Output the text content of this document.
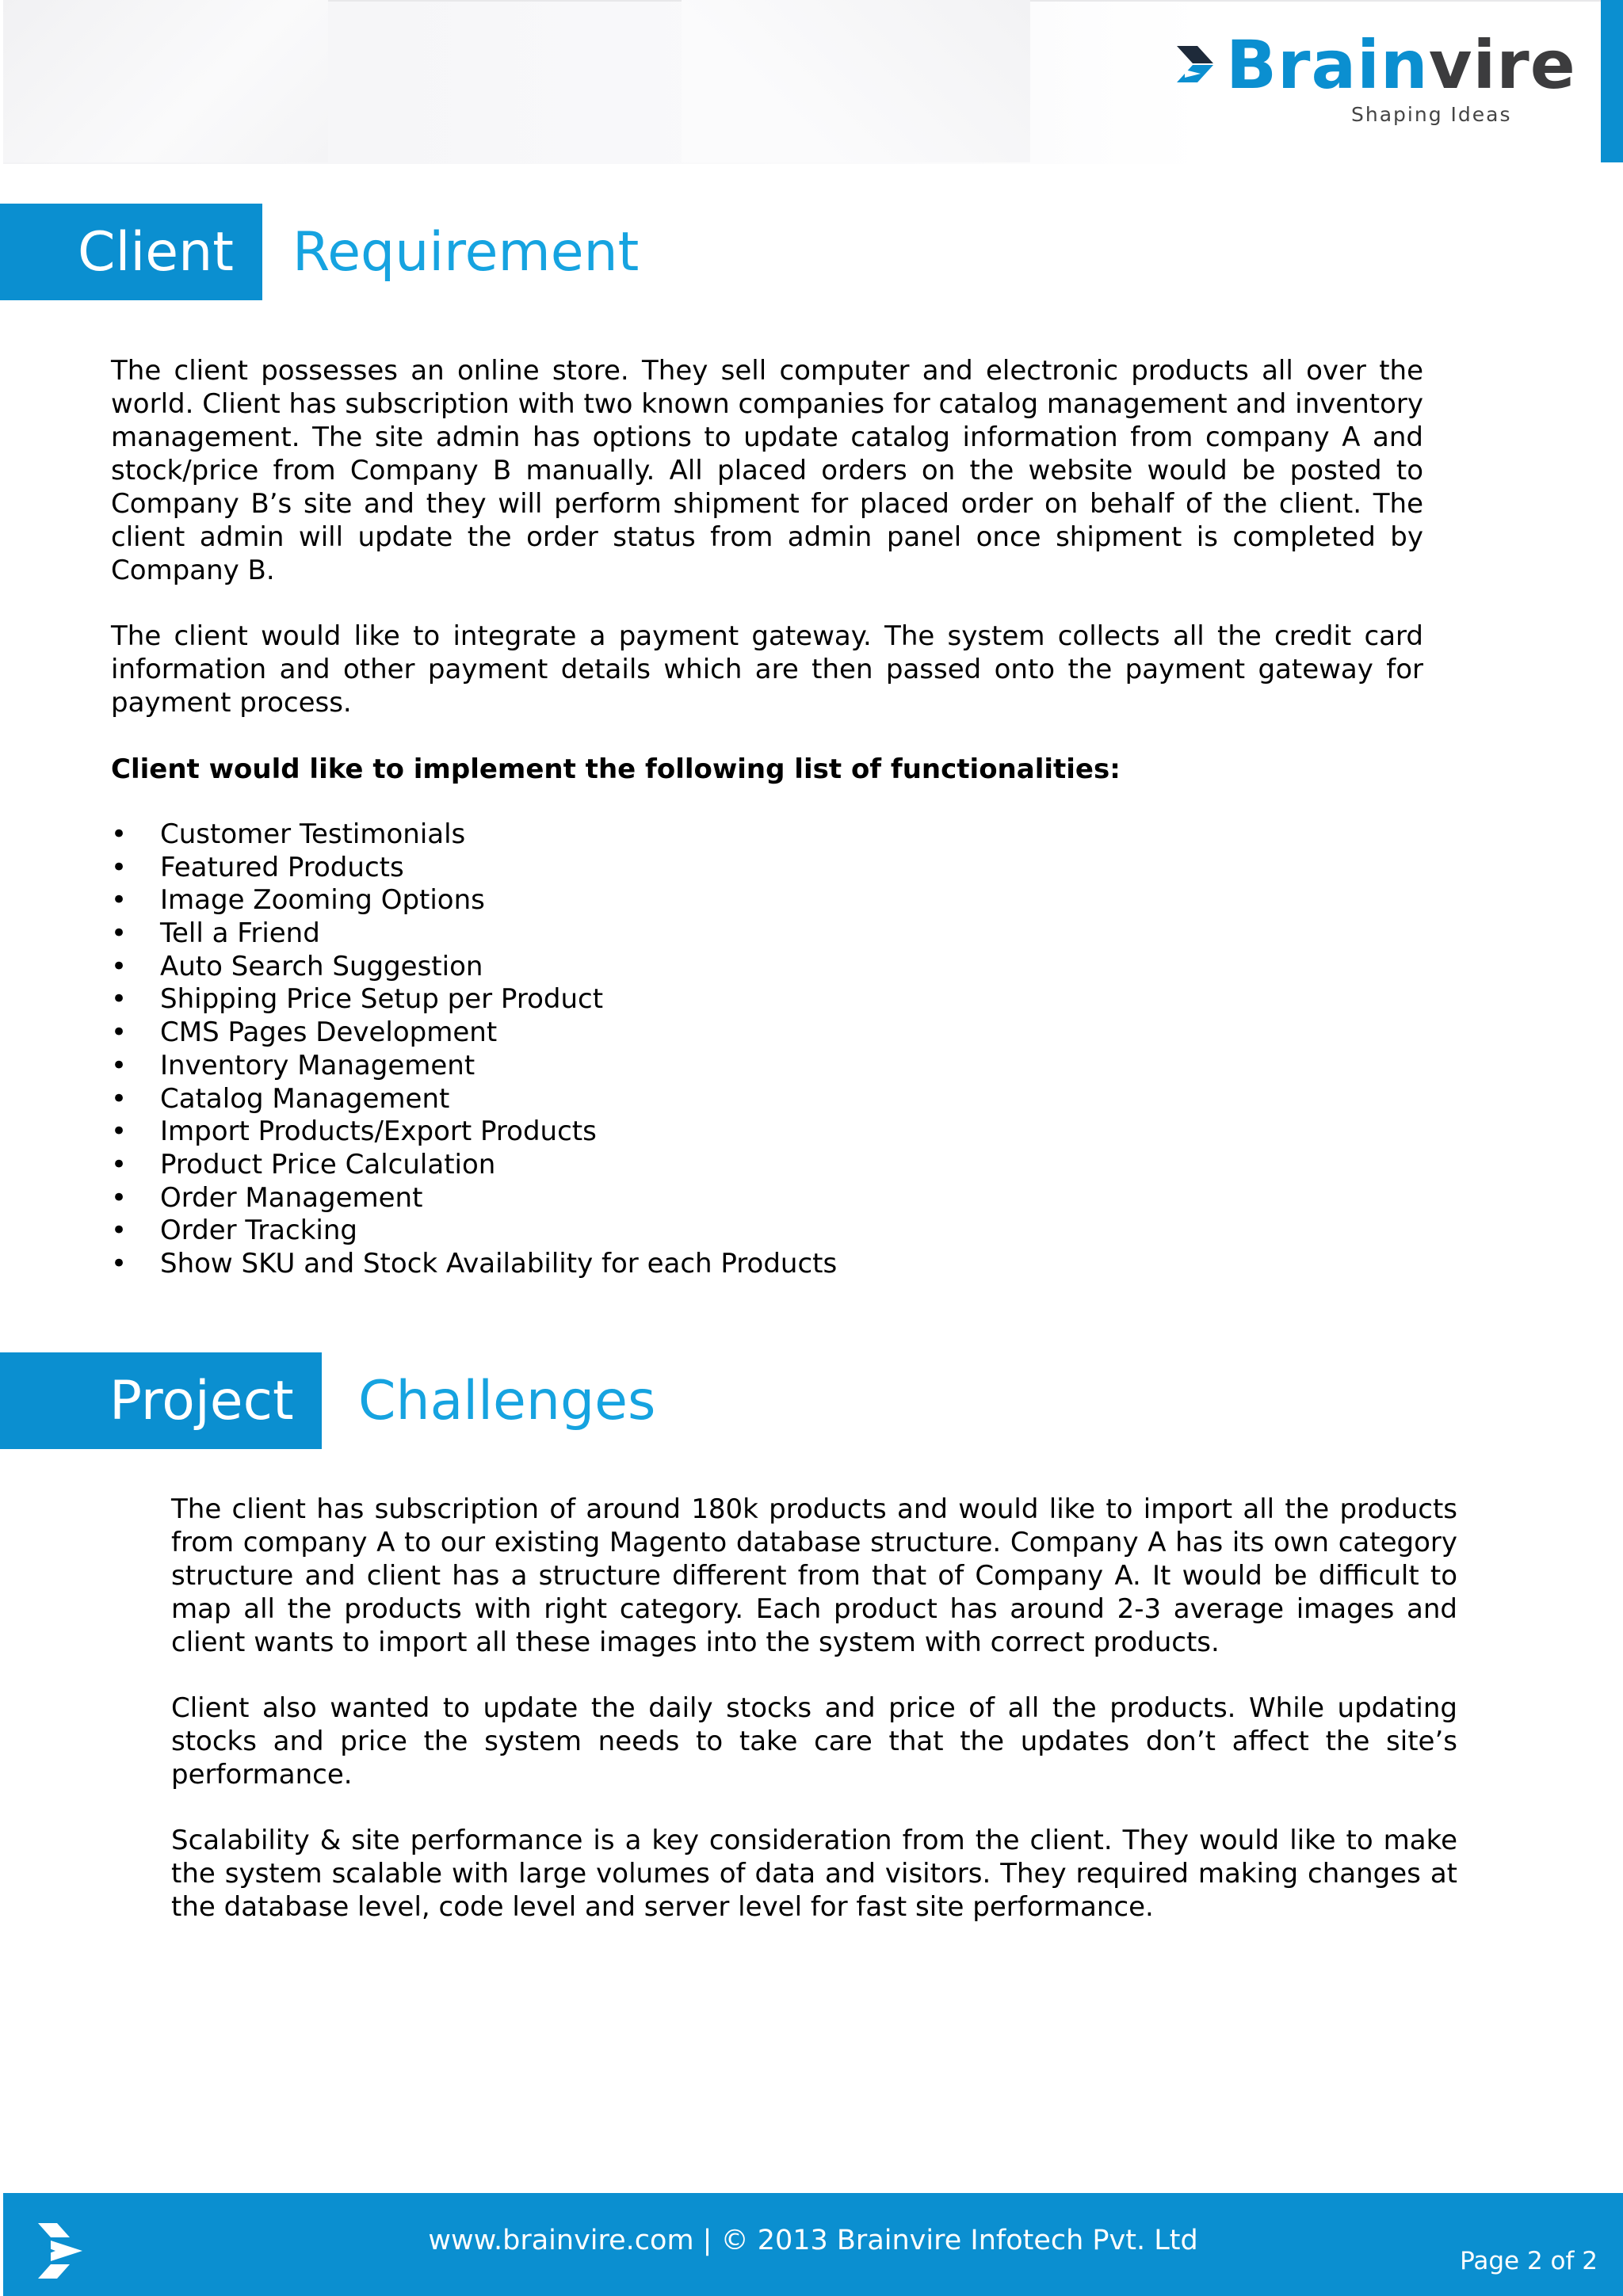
Brainvire
Shaping Ideas
Client Requirement
The client possesses an online store. They sell computer and electronic products all over the world. Client has subscription with two known companies for catalog management and inventory management. The site admin has options to update catalog information from company A and stock/price from Company B manually. All placed orders on the website would be posted to Company B’s site and they will perform shipment for placed order on behalf of the client. The client admin will update the order status from admin panel once shipment is completed by Company B.
The client would like to integrate a payment gateway. The system collects all the credit card information and other payment details which are then passed onto the payment gateway for payment process.
Client would like to implement the following list of functionalities:
• Customer Testimonials
• Featured Products
• Image Zooming Options
• Tell a Friend
• Auto Search Suggestion
• Shipping Price Setup per Product
• CMS Pages Development
• Inventory Management
• Catalog Management
• Import Products/Export Products
• Product Price Calculation
• Order Management
• Order Tracking
• Show SKU and Stock Availability for each Products
Project Challenges
The client has subscription of around 180k products and would like to import all the products from company A to our existing Magento database structure. Company A has its own category structure and client has a structure different from that of Company A. It would be difficult to map all the products with right category. Each product has around 2-3 average images and client wants to import all these images into the system with correct products.
Client also wanted to update the daily stocks and price of all the products. While updating stocks and price the system needs to take care that the updates don’t affect the site’s performance.
Scalability & site performance is a key consideration from the client. They would like to make the system scalable with large volumes of data and visitors. They required making changes at the database level, code level and server level for fast site performance.
www.brainvire.com | © 2013 Brainvire Infotech Pvt. Ltd
Page 2 of 2
